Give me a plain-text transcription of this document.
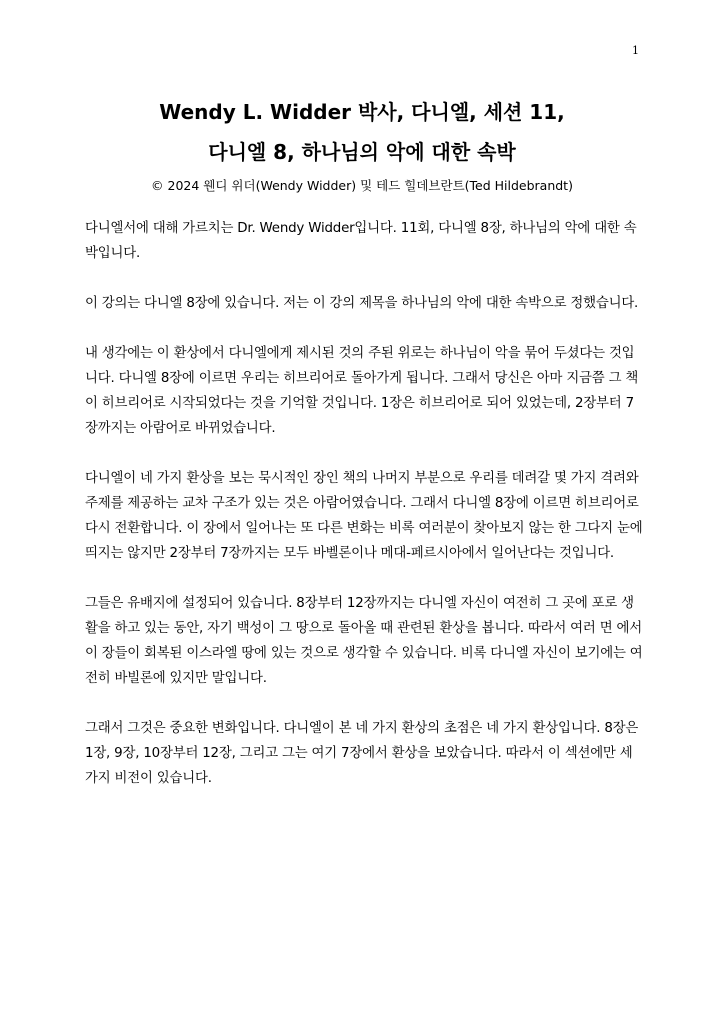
1
Wendy L. Widder 박사, 다니엘, 세션 11,
다니엘 8, 하나님의 악에 대한 속박
© 2024 웬디 위더(Wendy Widder) 및 테드 힐데브란트(Ted Hildebrandt)

다니엘서에 대해 가르치는 Dr. Wendy Widder입니다. 11회, 다니엘 8장, 하나님의 악에 대한 속박입니다.

이 강의는 다니엘 8장에 있습니다. 저는 이 강의 제목을 하나님의 악에 대한 속박으로 정했습니다.

내 생각에는 이 환상에서 다니엘에게 제시된 것의 주된 위로는 하나님이 악을 묶어 두셨다는 것입니다. 다니엘 8장에 이르면 우리는 히브리어로 돌아가게 됩니다. 그래서 당신은 아마 지금쯤 그 책이 히브리어로 시작되었다는 것을 기억할 것입니다. 1장은 히브리어로 되어 있었는데, 2장부터 7장까지는 아람어로 바뀌었습니다.

다니엘이 네 가지 환상을 보는 묵시적인 장인 책의 나머지 부분으로 우리를 데려갈 몇 가지 격려와 주제를 제공하는 교차 구조가 있는 것은 아람어였습니다. 그래서 다니엘 8장에 이르면 히브리어로 다시 전환합니다. 이 장에서 일어나는 또 다른 변화는 비록 여러분이 찾아보지 않는 한 그다지 눈에 띄지는 않지만 2장부터 7장까지는 모두 바벨론이나 메대-페르시아에서 일어난다는 것입니다.

그들은 유배지에 설정되어 있습니다. 8장부터 12장까지는 다니엘 자신이 여전히 그 곳에 포로 생활을 하고 있는 동안, 자기 백성이 그 땅으로 돌아올 때 관련된 환상을 봅니다. 따라서 여러 면 에서 이 장들이 회복된 이스라엘 땅에 있는 것으로 생각할 수 있습니다. 비록 다니엘 자신이 보기에는 여전히 바빌론에 있지만 말입니다.

그래서 그것은 중요한 변화입니다. 다니엘이 본 네 가지 환상의 초점은 네 가지 환상입니다. 8장은 1장, 9장, 10장부터 12장, 그리고 그는 여기 7장에서 환상을 보았습니다. 따라서 이 섹션에만 세 가지 비전이 있습니다.
